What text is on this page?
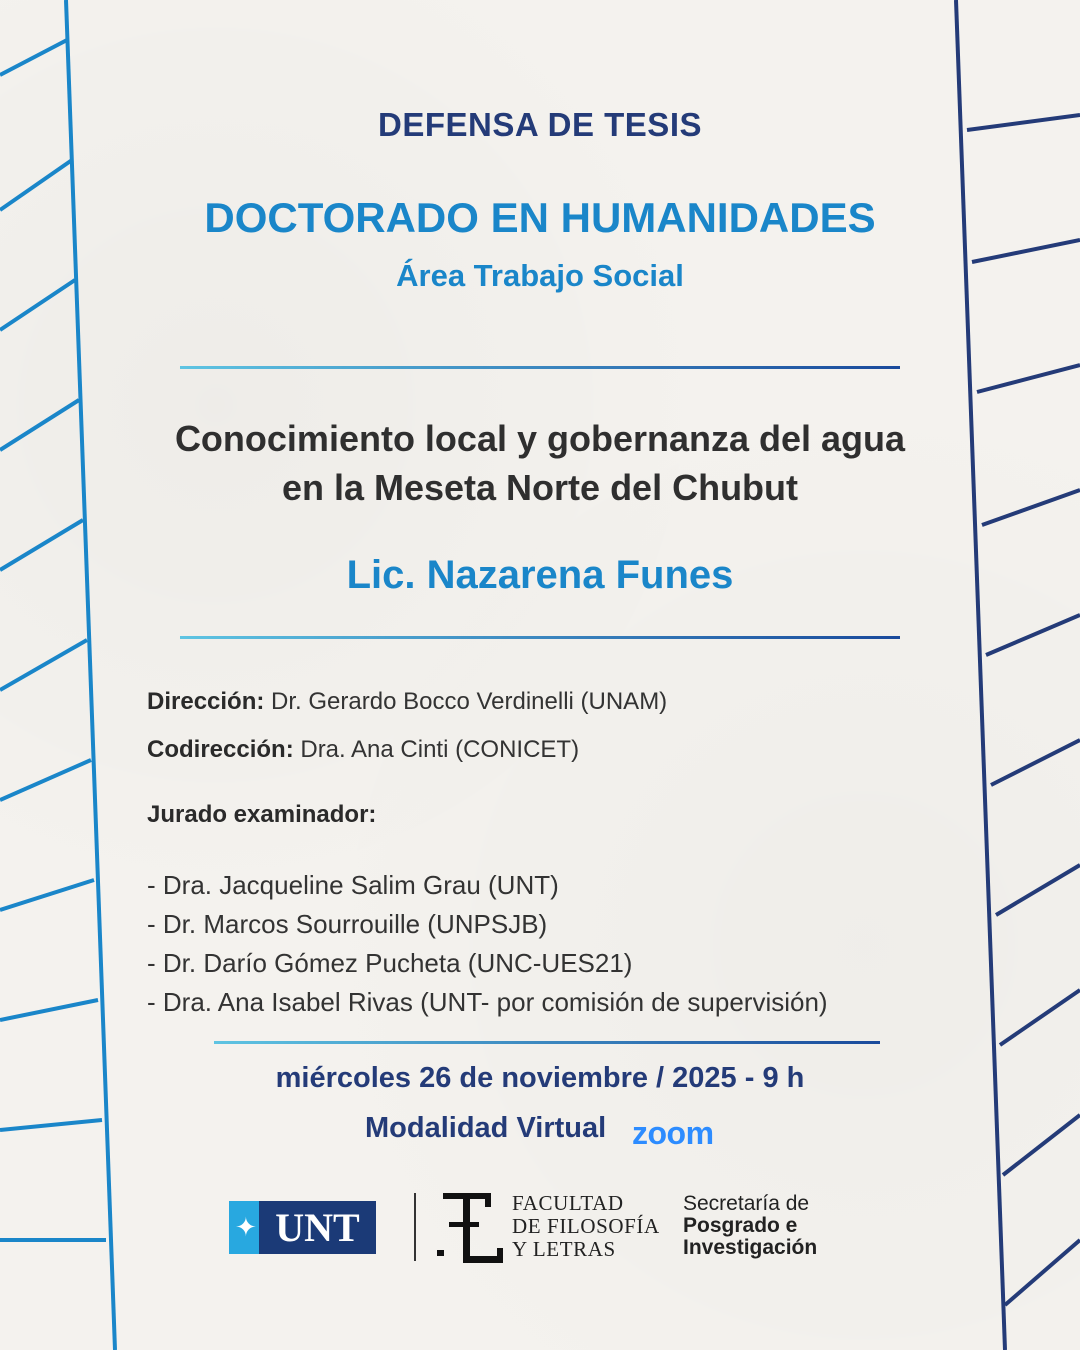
DEFENSA DE TESIS
DOCTORADO EN HUMANIDADES
Área Trabajo Social
Conocimiento local y gobernanza del agua
en la Meseta Norte del Chubut
Lic. Nazarena Funes
Dirección: Dr. Gerardo Bocco Verdinelli (UNAM)
Codirección: Dra. Ana Cinti (CONICET)
Jurado examinador:
- Dra. Jacqueline Salim Grau (UNT)
- Dr. Marcos Sourrouille (UNPSJB)
- Dr. Darío Gómez Pucheta (UNC-UES21)
- Dra. Ana Isabel Rivas (UNT- por comisión de supervisión)
miércoles 26 de noviembre / 2025 - 9 h
Modalidad Virtual zoom
✦ UNT
FACULTAD
DE FILOSOFÍA
Y LETRAS
Secretaría de
Posgrado e
Investigación
